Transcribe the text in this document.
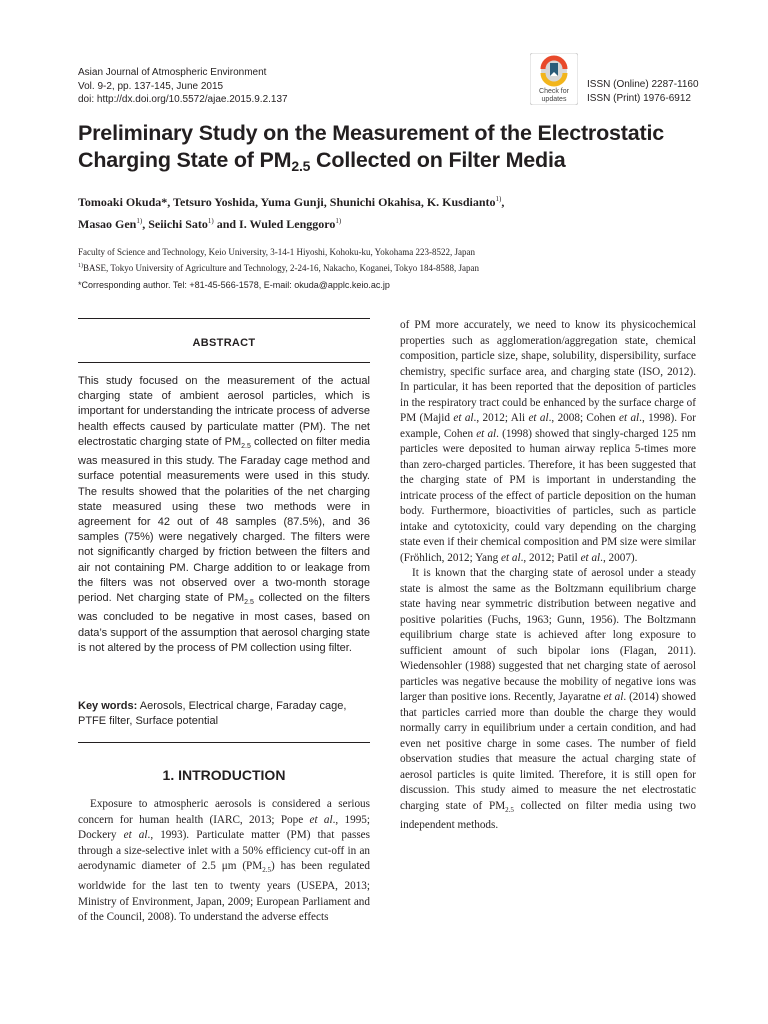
Asian Journal of Atmospheric Environment
Vol. 9-2, pp. 137-145, June 2015
doi: http://dx.doi.org/10.5572/ajae.2015.9.2.137
Check for
updates
ISSN (Online) 2287-1160
ISSN (Print) 1976-6912
Preliminary Study on the Measurement of the Electrostatic
Charging State of $PM_{2.5}$ Collected on Filter Media
Tomoaki Okuda*, Tetsuro Yoshida, Yuma Gunji, Shunichi Okahisa, K. Kusdianto$^{1)}$,
Masao Gen$^{1)}$, Seiichi Sato$^{1)}$ and I. Wuled Lenggoro$^{1)}$
Faculty of Science and Technology, Keio University, 3-14-1 Hiyoshi, Kohoku-ku, Yokohama 223-8522, Japan
$^{1)}$BASE, Tokyo University of Agriculture and Technology, 2-24-16, Nakacho, Koganei, Tokyo 184-8588, Japan
*Corresponding author. Tel: +81-45-566-1578, E-mail: okuda@applc.keio.ac.jp
ABSTRACT
This study focused on the measurement of the actual charging state of ambient aerosol particles, which is important for understanding the intricate process of adverse health effects caused by particulate matter (PM). The net electrostatic charging state of $PM_{2.5}$ collected on filter media was measured in this study. The Faraday cage method and surface potential measurements were used in this study. The results showed that the polarities of the net charging state measured using these two methods were in agreement for 42 out of 48 samples (87.5%), and 36 samples (75%) were negatively charged. The filters were not significantly charged by friction between the filters and air not containing PM. Charge addition to or leakage from the filters was not observed over a two-month storage period. Net charging state of $PM_{2.5}$ collected on the filters was concluded to be negative in most cases, based on data’s support of the assumption that aerosol charging state is not altered by the process of PM collection using filter.
Key words: Aerosols, Electrical charge, Faraday cage, PTFE filter, Surface potential
1. INTRODUCTION
Exposure to atmospheric aerosols is considered a serious concern for human health (IARC, 2013; Pope et al., 1995; Dockery et al., 1993). Particulate matter (PM) that passes through a size-selective inlet with a 50% efficiency cut-off in an aerodynamic diameter of 2.5 μm $(PM_{2.5})$ has been regulated worldwide for the last ten to twenty years (USEPA, 2013; Ministry of Environment, Japan, 2009; European Parliament and of the Council, 2008). To understand the adverse effects

of PM more accurately, we need to know its physicochemical properties such as agglomeration/aggregation state, chemical composition, particle size, shape, solubility, dispersibility, surface chemistry, specific surface area, and charging state (ISO, 2012). In particular, it has been reported that the deposition of particles in the respiratory tract could be enhanced by the surface charge of PM (Majid et al., 2012; Ali et al., 2008; Cohen et al., 1998). For example, Cohen et al. (1998) showed that singly-charged 125 nm particles were deposited to human airway replica 5-times more than zero-charged particles. Therefore, it has been suggested that the charging state of PM is important in understanding the intricate process of the effect of particle deposition on the human body. Furthermore, bioactivities of particles, such as particle intake and cytotoxicity, could vary depending on the charging state even if their chemical composition and PM size were similar (Fröhlich, 2012; Yang et al., 2012; Patil et al., 2007).

It is known that the charging state of aerosol under a steady state is almost the same as the Boltzmann equilibrium charge state having near symmetric distribution between negative and positive polarities (Fuchs, 1963; Gunn, 1956). The Boltzmann equilibrium charge state is achieved after long exposure to sufficient amount of such bipolar ions (Flagan, 2011). Wiedensohler (1988) suggested that net charging state of aerosol particles was negative because the mobility of negative ions was larger than positive ions. Recently, Jayaratne et al. (2014) showed that particles carried more than double the charge they would normally carry in equilibrium under a certain condition, and had even net positive charge in some cases. The number of field observation studies that measure the actual charging state of aerosol particles is quite limited. Therefore, it is still open for discussion. This study aimed to measure the net electrostatic charging state of $PM_{2.5}$ collected on filter media using two independent methods.
